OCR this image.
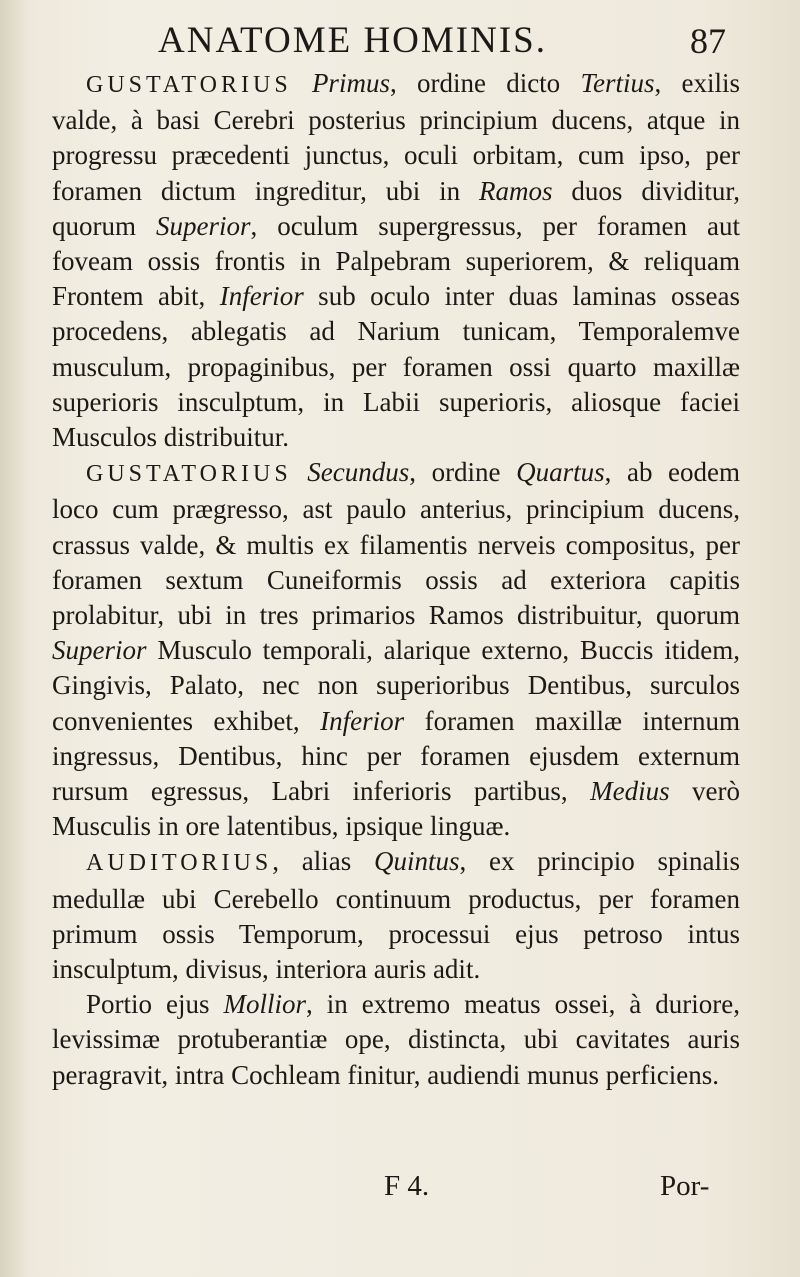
ANATOME HOMINIS.	87

GUSTATORIUS Primus, ordine dicto Tertius, exilis valde, à basi Cerebri posterius principium ducens, atque in progressu præcedenti junctus, oculi orbitam, cum ipso, per foramen dictum ingreditur, ubi in Ramos duos dividitur, quorum Superior, oculum supergressus, per foramen aut foveam ossis frontis in Palpebram superiorem, & reliquam Frontem abit, Inferior sub oculo inter duas laminas osseas procedens, ablegatis ad Narium tunicam, Temporalemve musculum, propaginibus, per foramen ossi quarto maxillæ superioris insculptum, in Labii superioris, aliosque faciei Musculos distribuitur.

GUSTATORIUS Secundus, ordine Quartus, ab eodem loco cum prægresso, ast paulo anterius, principium ducens, crassus valde, & multis ex filamentis nerveis compositus, per foramen sextum Cuneiformis ossis ad exteriora capitis prolabitur, ubi in tres primarios Ramos distribuitur, quorum Superior Musculo temporali, alarique externo, Buccis itidem, Gingivis, Palato, nec non superioribus Dentibus, surculos convenientes exhibet, Inferior foramen maxillæ internum ingressus, Dentibus, hinc per foramen ejusdem externum rursum egressus, Labri inferioris partibus, Medius verò Musculis in ore latentibus, ipsique linguæ.

AUDITORIUS, alias Quintus, ex principio spinalis medullæ ubi Cerebello continuum productus, per foramen primum ossis Temporum, processui ejus petroso intus insculptum, divisus, interiora auris adit.

Portio ejus Mollior, in extremo meatus ossei, à duriore, levissimæ protuberantiæ ope, distincta, ubi cavitates auris peragravit, intra Cochleam finitur, audiendi munus perficiens.

F 4.	Por-
